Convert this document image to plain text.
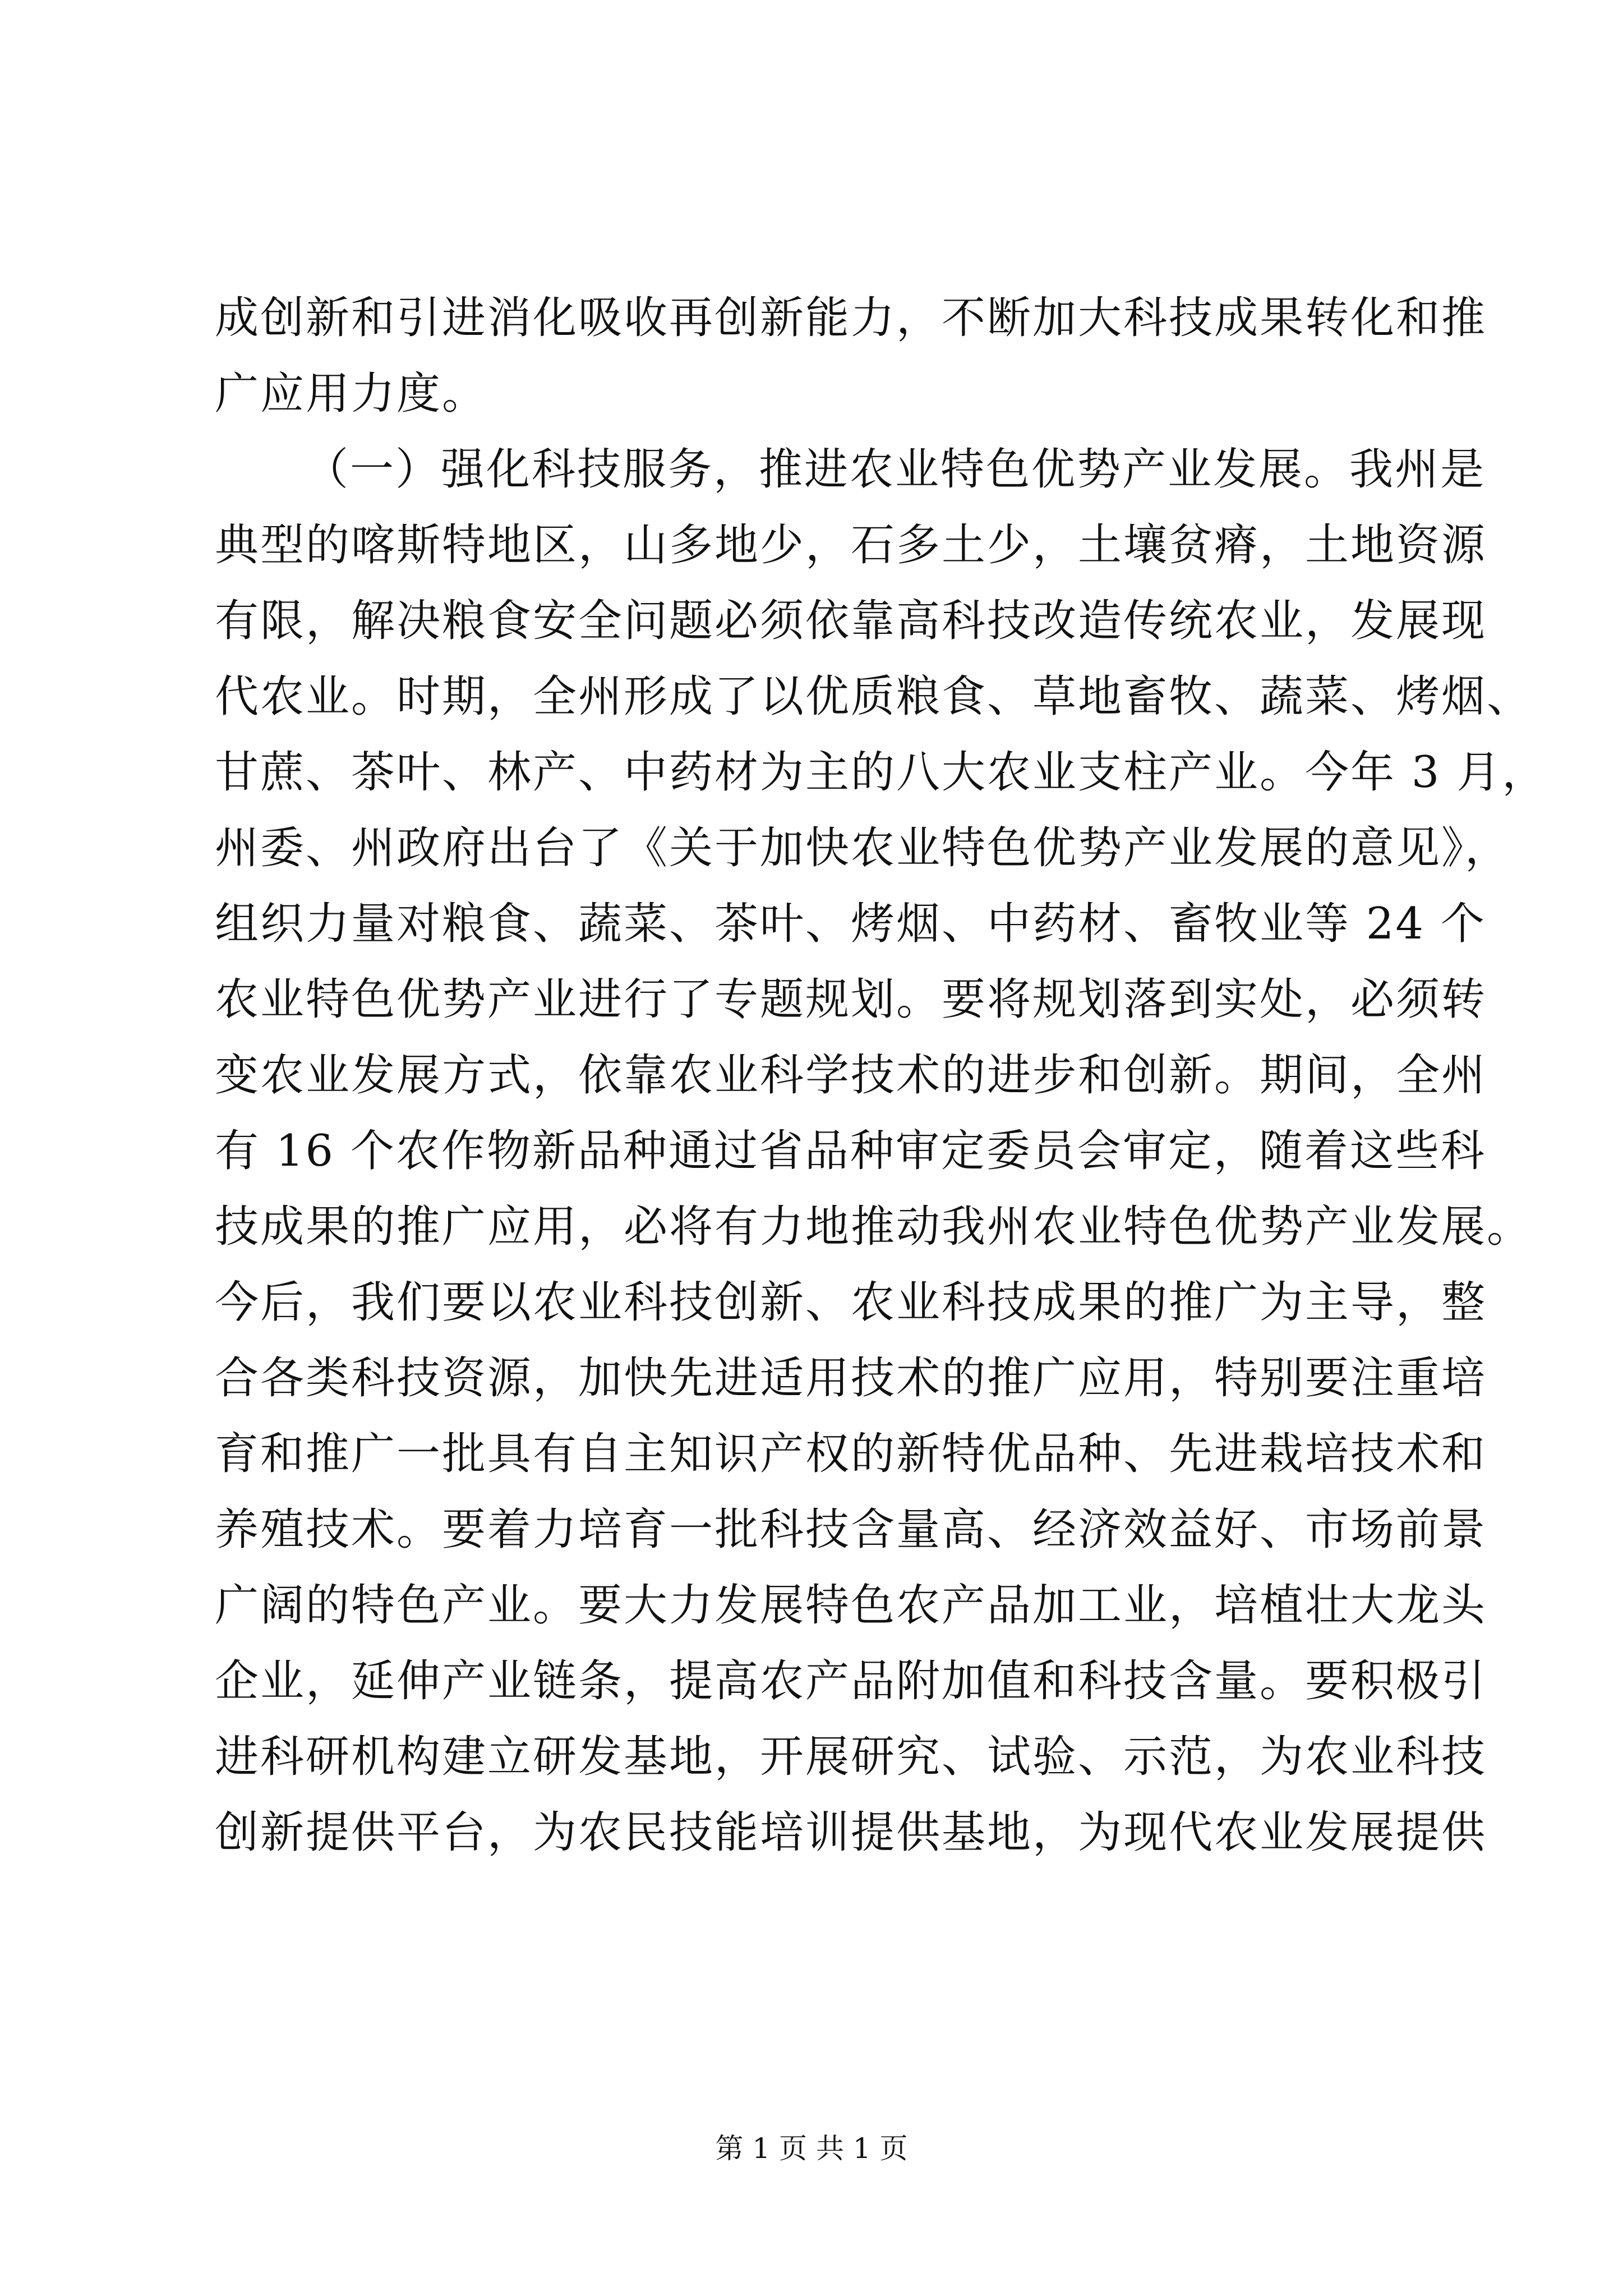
成创新和引进消化吸收再创新能力，不断加大科技成果转化和推
广应用力度。
（一）强化科技服务，推进农业特色优势产业发展。我州是
典型的喀斯特地区，山多地少，石多土少，土壤贫瘠，土地资源
有限，解决粮食安全问题必须依靠高科技改造传统农业，发展现
代农业。时期，全州形成了以优质粮食、草地畜牧、蔬菜、烤烟、
甘蔗、茶叶、林产、中药材为主的八大农业支柱产业。今年 3 月，
州委、州政府出台了《关于加快农业特色优势产业发展的意见》，
组织力量对粮食、蔬菜、茶叶、烤烟、中药材、畜牧业等 24 个
农业特色优势产业进行了专题规划。要将规划落到实处，必须转
变农业发展方式，依靠农业科学技术的进步和创新。期间，全州
有 16 个农作物新品种通过省品种审定委员会审定，随着这些科
技成果的推广应用，必将有力地推动我州农业特色优势产业发展。
今后，我们要以农业科技创新、农业科技成果的推广为主导，整
合各类科技资源，加快先进适用技术的推广应用，特别要注重培
育和推广一批具有自主知识产权的新特优品种、先进栽培技术和
养殖技术。要着力培育一批科技含量高、经济效益好、市场前景
广阔的特色产业。要大力发展特色农产品加工业，培植壮大龙头
企业，延伸产业链条，提高农产品附加值和科技含量。要积极引
进科研机构建立研发基地，开展研究、试验、示范，为农业科技
创新提供平台，为农民技能培训提供基地，为现代农业发展提供
第 1 页 共 1 页
